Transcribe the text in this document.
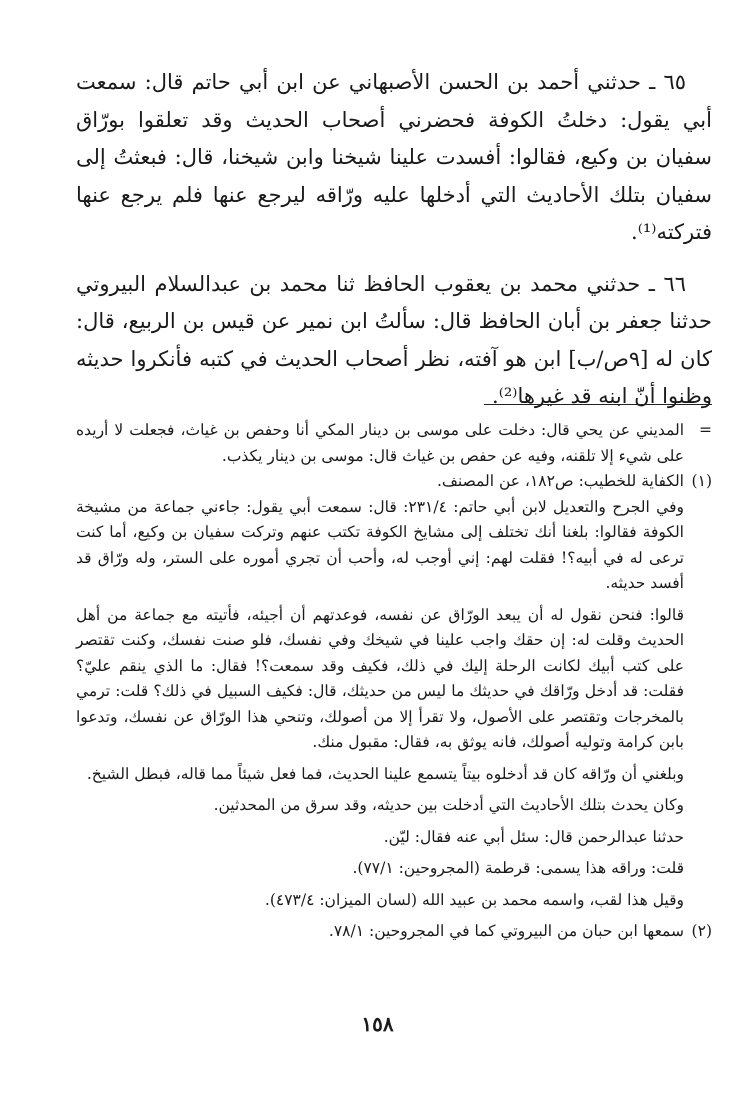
٦٥ ـ حدثني أحمد بن الحسن الأصبهاني عن ابن أبي حاتم قال: سمعت أبي يقول: دخلتُ الكوفة فحضرني أصحاب الحديث وقد تعلقوا بورّاق سفيان بن وكيع، فقالوا: أفسدت علينا شيخنا وابن شيخنا، قال: فبعثتُ إلى سفيان بتلك الأحاديث التي أدخلها عليه ورّاقه ليرجع عنها فلم يرجع عنها فتركته⁽¹⁾.

٦٦ ـ حدثني محمد بن يعقوب الحافظ ثنا محمد بن عبدالسلام البيروتي حدثنا جعفر بن أبان الحافظ قال: سألتُ ابن نمير عن قيس بن الربيع، قال: كان له [٩ص/ب] ابن هو آفته، نظر أصحاب الحديث في كتبه فأنكروا حديثه وظنوا أنّ ابنه قد غيرها⁽²⁾.

=

المديني عن يحي قال: دخلت على موسى بن دينار المكي أنا وحفص بن غياث، فجعلت لا أريده على شيء إلا تلقنه، وفيه عن حفص بن غياث قال: موسى بن دينار يكذب.

(١)

الكفاية للخطيب: ص١٨٢، عن المصنف.

وفي الجرح والتعديل لابن أبي حاتم: ٢٣١/٤: قال: سمعت أبي يقول: جاءني جماعة من مشيخة الكوفة فقالوا: بلغنا أنك تختلف إلى مشايخ الكوفة تكتب عنهم وتركت سفيان بن وكيع، أما كنت ترعى له في أبيه؟! فقلت لهم: إني أوجب له، وأحب أن تجري أموره على الستر، وله ورّاق قد أفسد حديثه.

قالوا: فنحن نقول له أن يبعد الورّاق عن نفسه، فوعدتهم أن أجيئه، فأتيته مع جماعة من أهل الحديث وقلت له: إن حقك واجب علينا في شيخك وفي نفسك، فلو صنت نفسك، وكنت تقتصر على كتب أبيك لكانت الرحلة إليك في ذلك، فكيف وقد سمعت؟! فقال: ما الذي ينقم عليّ؟ فقلت: قد أدخل ورّاقك في حديثك ما ليس من حديثك، قال: فكيف السبيل في ذلك؟ قلت: ترمي بالمخرجات وتقتصر على الأصول، ولا تقرأ إلا من أصولك، وتنحي هذا الورّاق عن نفسك، وتدعوا بابن كرامة وتوليه أصولك، فانه يوثق به، فقال: مقبول منك.

وبلغني أن ورّاقه كان قد أدخلوه بيتاً يتسمع علينا الحديث، فما فعل شيئاً مما قاله، فبطل الشيخ.

وكان يحدث بتلك الأحاديث التي أدخلت بين حديثه، وقد سرق من المحدثين.

حدثنا عبدالرحمن قال: سئل أبي عنه فقال: ليّن.

قلت: وراقه هذا يسمى: قرطمة (المجروحين: ٧٧/١).

وقيل هذا لقب، واسمه محمد بن عبيد الله (لسان الميزان: ٤٧٣/٤).

(٢)

سمعها ابن حبان من البيروتي كما في المجروحين: ٧٨/١.

١٥٨
